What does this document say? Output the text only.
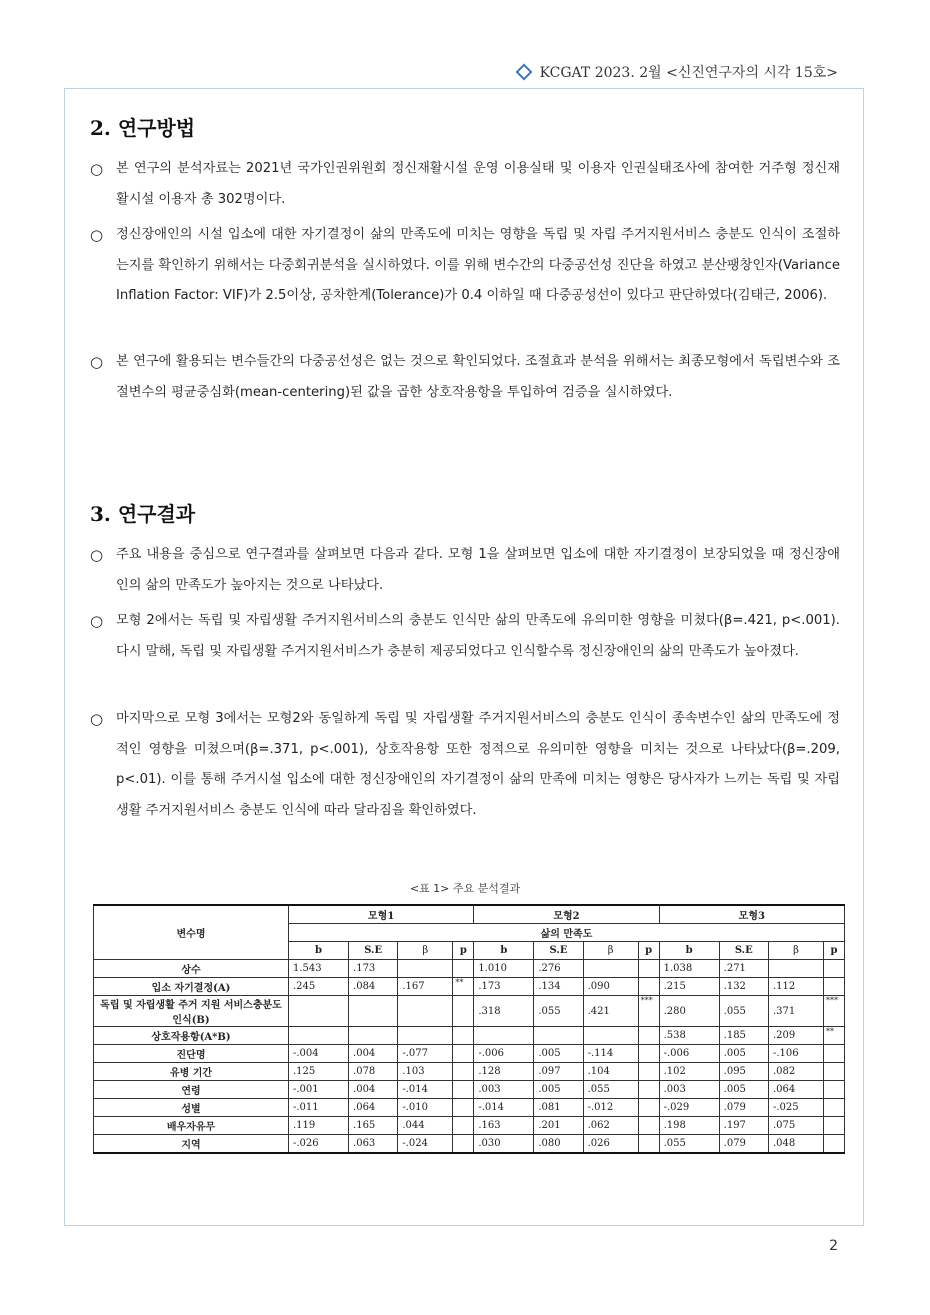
KCGAT 2023. 2월 <신진연구자의 시각 15호>
2. 연구방법
○ 본 연구의 분석자료는 2021년 국가인권위원회 정신재활시설 운영 이용실태 및 이용자 인권실태조사에 참여한 거주형 정신재활시설 이용자 총 302명이다.
○ 정신장애인의 시설 입소에 대한 자기결정이 삶의 만족도에 미치는 영향을 독립 및 자립 주거지원서비스 충분도 인식이 조절하는지를 확인하기 위해서는 다중회귀분석을 실시하였다. 이를 위해 변수간의 다중공선성 진단을 하였고 분산팽창인자(Variance Inflation Factor: VIF)가 2.5이상, 공차한계(Tolerance)가 0.4 이하일 때 다중공성선이 있다고 판단하였다(김태근, 2006).
○ 본 연구에 활용되는 변수들간의 다중공선성은 없는 것으로 확인되었다. 조절효과 분석을 위해서는 최종모형에서 독립변수와 조절변수의 평균중심화(mean-centering)된 값을 곱한 상호작용항을 투입하여 검증을 실시하였다.
3. 연구결과
○ 주요 내용을 중심으로 연구결과를 살펴보면 다음과 같다. 모형 1을 살펴보면 입소에 대한 자기결정이 보장되었을 때 정신장애인의 삶의 만족도가 높아지는 것으로 나타났다.
○ 모형 2에서는 독립 및 자립생활 주거지원서비스의 충분도 인식만 삶의 만족도에 유의미한 영향을 미쳤다(β=.421, p<.001). 다시 말해, 독립 및 자립생활 주거지원서비스가 충분히 제공되었다고 인식할수록 정신장애인의 삶의 만족도가 높아졌다.
○ 마지막으로 모형 3에서는 모형2와 동일하게 독립 및 자립생활 주거지원서비스의 충분도 인식이 종속변수인 삶의 만족도에 정적인 영향을 미쳤으며(β=.371, p<.001), 상호작용항 또한 정적으로 유의미한 영향을 미치는 것으로 나타났다(β=.209, p<.01). 이를 통해 주거시설 입소에 대한 정신장애인의 자기결정이 삶의 만족에 미치는 영향은 당사자가 느끼는 독립 및 자립생활 주거지원서비스 충분도 인식에 따라 달라짐을 확인하였다.
<표 1> 주요 분석결과
변수명	모형1				모형2				모형3			
	삶의 만족도											
	b	S.E	β	p	b	S.E	β	p	b	S.E	β	p
상수	1.543	.173			1.010	.276			1.038	.271		
입소 자기결정(A)	.245	.084	.167	**	.173	.134	.090		.215	.132	.112	
독립 및 자립생활 주거 지원 서비스충분도 인식(B)					.318	.055	.421	***	.280	.055	.371	***
상호작용항(A*B)									.538	.185	.209	**
진단명	-.004	.004	-.077		-.006	.005	-.114		-.006	.005	-.106	
유병 기간	.125	.078	.103		.128	.097	.104		.102	.095	.082	
연령	-.001	.004	-.014		.003	.005	.055		.003	.005	.064	
성별	-.011	.064	-.010		-.014	.081	-.012		-.029	.079	-.025	
배우자유무	.119	.165	.044		.163	.201	.062		.198	.197	.075	
지역	-.026	.063	-.024		.030	.080	.026		.055	.079	.048	
2
